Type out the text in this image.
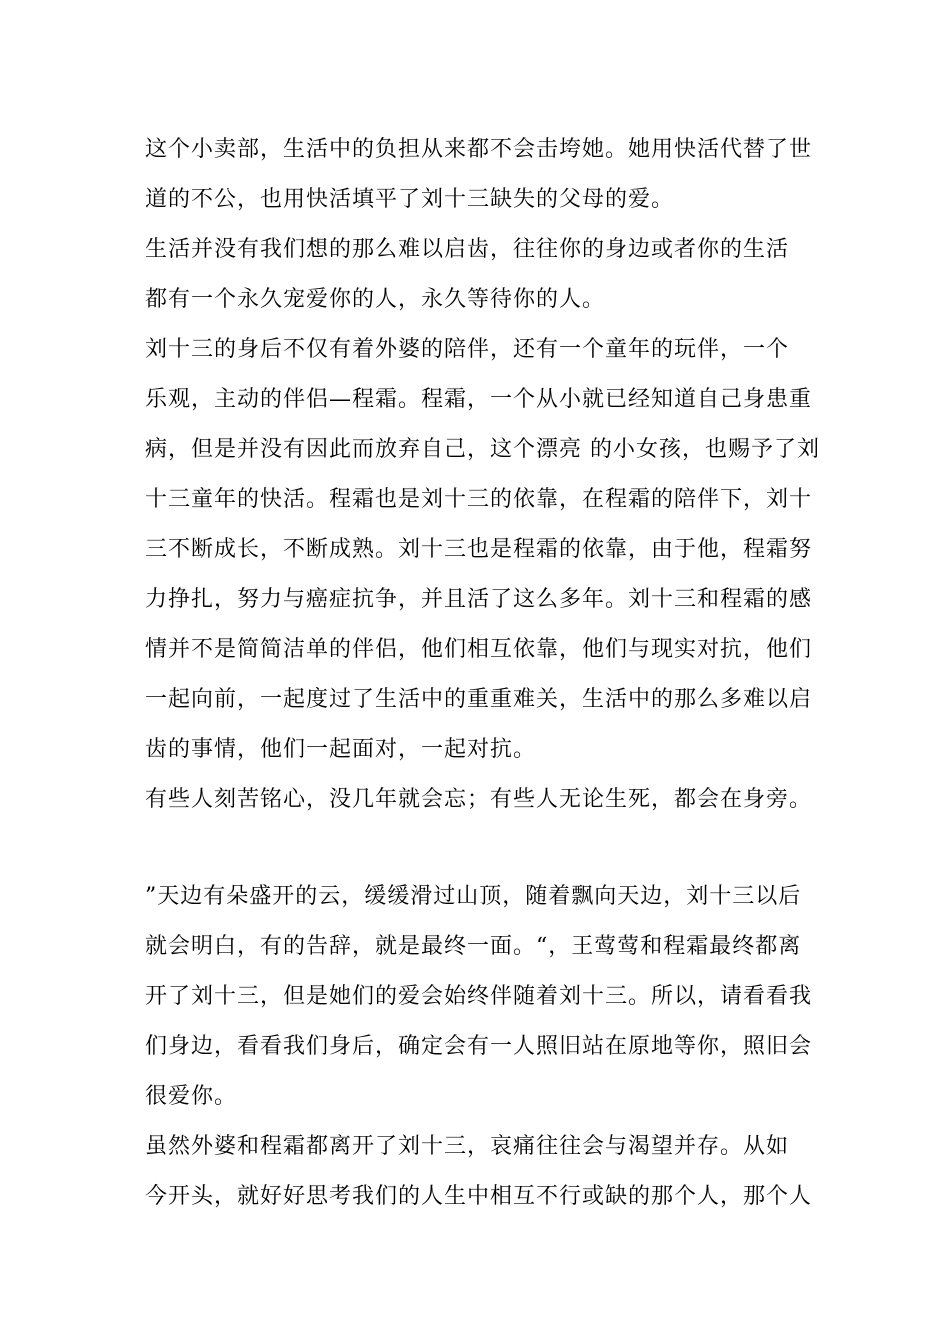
这个小卖部，生活中的负担从来都不会击垮她。她用快活代替了世
道的不公，也用快活填平了刘十三缺失的父母的爱。
生活并没有我们想的那么难以启齿，往往你的身边或者你的生活
都有一个永久宠爱你的人，永久等待你的人。
刘十三的身后不仅有着外婆的陪伴，还有一个童年的玩伴，一个
乐观，主动的伴侣—程霜。程霜，一个从小就已经知道自己身患重
病，但是并没有因此而放弃自己，这个漂亮 的小女孩，也赐予了刘
十三童年的快活。程霜也是刘十三的依靠，在程霜的陪伴下，刘十
三不断成长，不断成熟。刘十三也是程霜的依靠，由于他，程霜努
力挣扎，努力与癌症抗争，并且活了这么多年。刘十三和程霜的感
情并不是简简洁单的伴侣，他们相互依靠，他们与现实对抗，他们
一起向前，一起度过了生活中的重重难关，生活中的那么多难以启
齿的事情，他们一起面对，一起对抗。
有些人刻苦铭心，没几年就会忘；有些人无论生死，都会在身旁。
”天边有朵盛开的云，缓缓滑过山顶，随着飘向天边，刘十三以后
就会明白，有的告辞，就是最终一面。“，王莺莺和程霜最终都离
开了刘十三，但是她们的爱会始终伴随着刘十三。所以，请看看我
们身边，看看我们身后，确定会有一人照旧站在原地等你，照旧会
很爱你。
虽然外婆和程霜都离开了刘十三，哀痛往往会与渴望并存。从如
今开头，就好好思考我们的人生中相互不行或缺的那个人，那个人
